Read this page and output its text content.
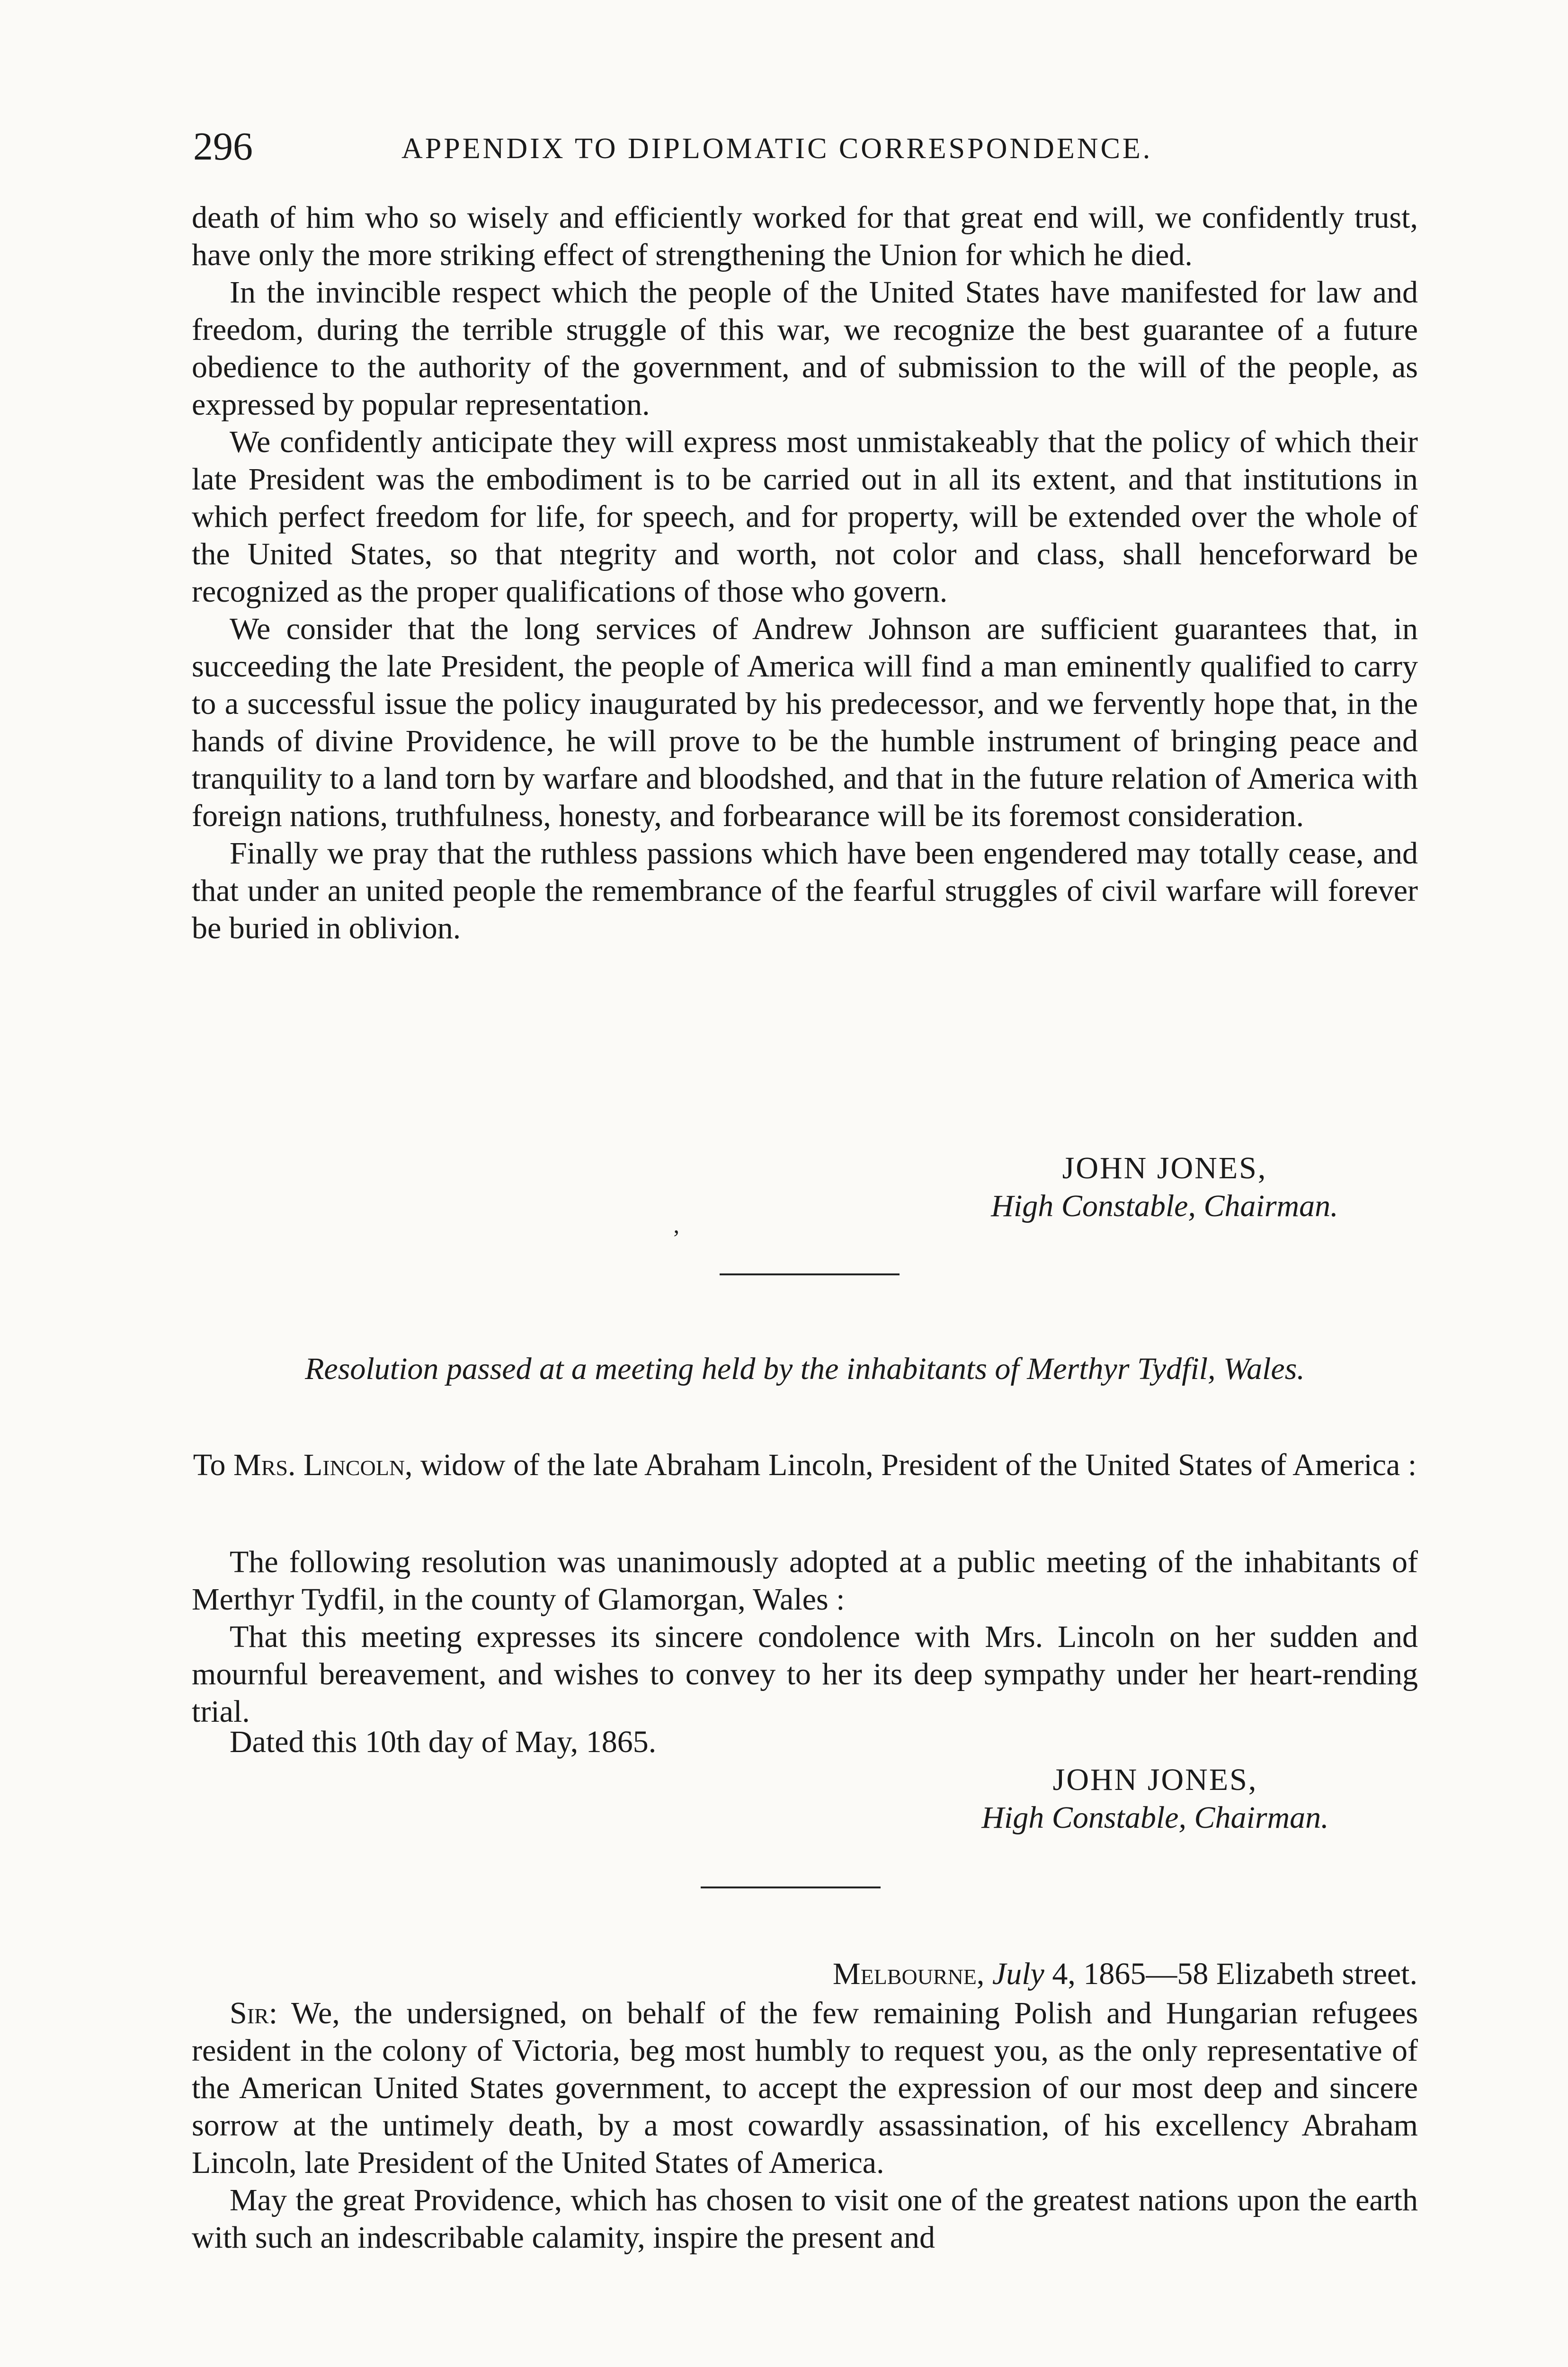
296	APPENDIX TO DIPLOMATIC CORRESPONDENCE.

death of him who so wisely and efficiently worked for that great end will, we confidently trust, have only the more striking effect of strengthening the Union for which he died.

In the invincible respect which the people of the United States have manifested for law and freedom, during the terrible struggle of this war, we recognize the best guarantee of a future obedience to the authority of the government, and of submission to the will of the people, as expressed by popular representation.

We confidently anticipate they will express most unmistakeably that the policy of which their late President was the embodiment is to be carried out in all its extent, and that institutions in which perfect freedom for life, for speech, and for property, will be extended over the whole of the United States, so that ntegrity and worth, not color and class, shall henceforward be recognized as the proper qualifications of those who govern.

We consider that the long services of Andrew Johnson are sufficient guarantees that, in succeeding the late President, the people of America will find a man eminently qualified to carry to a successful issue the policy inaugurated by his predecessor, and we fervently hope that, in the hands of divine Providence, he will prove to be the humble instrument of bringing peace and tranquility to a land torn by warfare and bloodshed, and that in the future relation of America with foreign nations, truthfulness, honesty, and forbearance will be its foremost consideration.

Finally we pray that the ruthless passions which have been engendered may totally cease, and that under an united people the remembrance of the fearful struggles of civil warfare will forever be buried in oblivion.

ʼ
JOHN JONES,
High Constable, Chairman.
Resolution passed at a meeting held by the inhabitants of Merthyr Tydfil, Wales.
To Mrs. Lincoln, widow of the late Abraham Lincoln, President of the United States of America :

The following resolution was unanimously adopted at a public meeting of the inhabitants of Merthyr Tydfil, in the county of Glamorgan, Wales :

That this meeting expresses its sincere condolence with Mrs. Lincoln on her sudden and mournful bereavement, and wishes to convey to her its deep sympathy under her heart-rending trial.

Dated this 10th day of May, 1865.
JOHN JONES,
High Constable, Chairman.
Melbourne, July 4, 1865—58 Elizabeth street.

Sir: We, the undersigned, on behalf of the few remaining Polish and Hungarian refugees resident in the colony of Victoria, beg most humbly to request you, as the only representative of the American United States government, to accept the expression of our most deep and sincere sorrow at the untimely death, by a most cowardly assassination, of his excellency Abraham Lincoln, late President of the United States of America.

May the great Providence, which has chosen to visit one of the greatest nations upon the earth with such an indescribable calamity, inspire the present and
